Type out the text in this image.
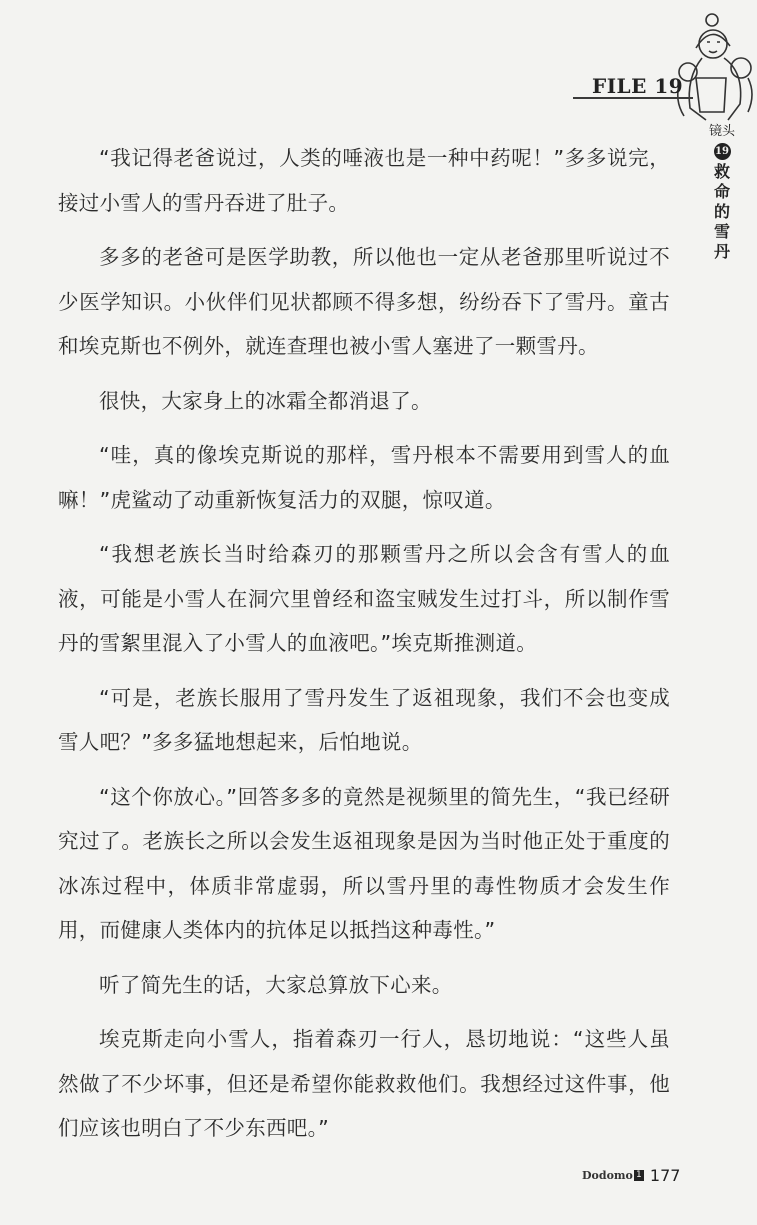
FILE 19
镜头
19
救
命
的
雪
丹

“我记得老爸说过，人类的唾液也是一种中药呢！”多多说完，接过小雪人的雪丹吞进了肚子。

多多的老爸可是医学助教，所以他也一定从老爸那里听说过不少医学知识。小伙伴们见状都顾不得多想，纷纷吞下了雪丹。童古和埃克斯也不例外，就连查理也被小雪人塞进了一颗雪丹。

很快，大家身上的冰霜全都消退了。

“哇，真的像埃克斯说的那样，雪丹根本不需要用到雪人的血嘛！”虎鲨动了动重新恢复活力的双腿，惊叹道。

“我想老族长当时给森刃的那颗雪丹之所以会含有雪人的血液，可能是小雪人在洞穴里曾经和盗宝贼发生过打斗，所以制作雪丹的雪絮里混入了小雪人的血液吧。”埃克斯推测道。

“可是，老族长服用了雪丹发生了返祖现象，我们不会也变成雪人吧？”多多猛地想起来，后怕地说。

“这个你放心。”回答多多的竟然是视频里的简先生，“我已经研究过了。老族长之所以会发生返祖现象是因为当时他正处于重度的冰冻过程中，体质非常虚弱，所以雪丹里的毒性物质才会发生作用，而健康人类体内的抗体足以抵挡这种毒性。”

听了简先生的话，大家总算放下心来。

埃克斯走向小雪人，指着森刃一行人，恳切地说：“这些人虽然做了不少坏事，但还是希望你能救救他们。我想经过这件事，他们应该也明白了不少东西吧。”

Dodomo 1 177
